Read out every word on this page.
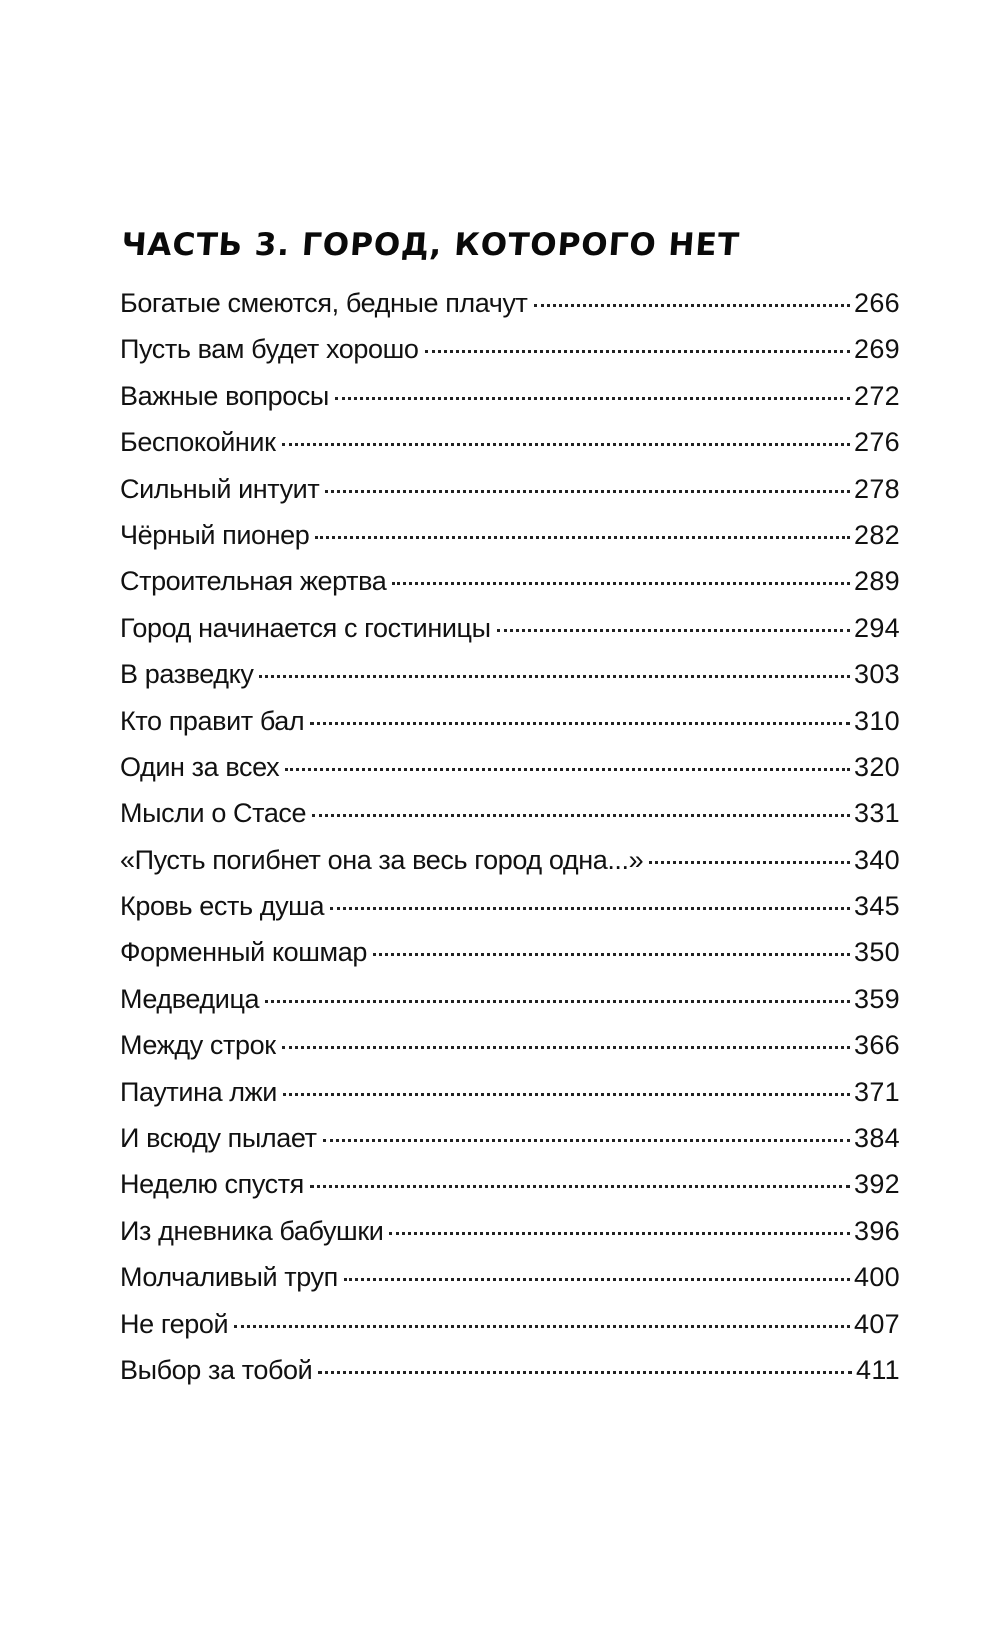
ЧАСТЬ 3. ГОРОД, КОТОРОГО НЕТ
Богатые смеются, бедные плачут	266
Пусть вам будет хорошо	269
Важные вопросы	272
Беспокойник	276
Сильный интуит	278
Чёрный пионер	282
Строительная жертва	289
Город начинается с гостиницы	294
В разведку	303
Кто правит бал	310
Один за всех	320
Мысли о Стасе	331
«Пусть погибнет она за весь город одна...»	340
Кровь есть душа	345
Форменный кошмар	350
Медведица	359
Между строк	366
Паутина лжи	371
И всюду пылает	384
Неделю спустя	392
Из дневника бабушки	396
Молчаливый труп	400
Не герой	407
Выбор за тобой	411
